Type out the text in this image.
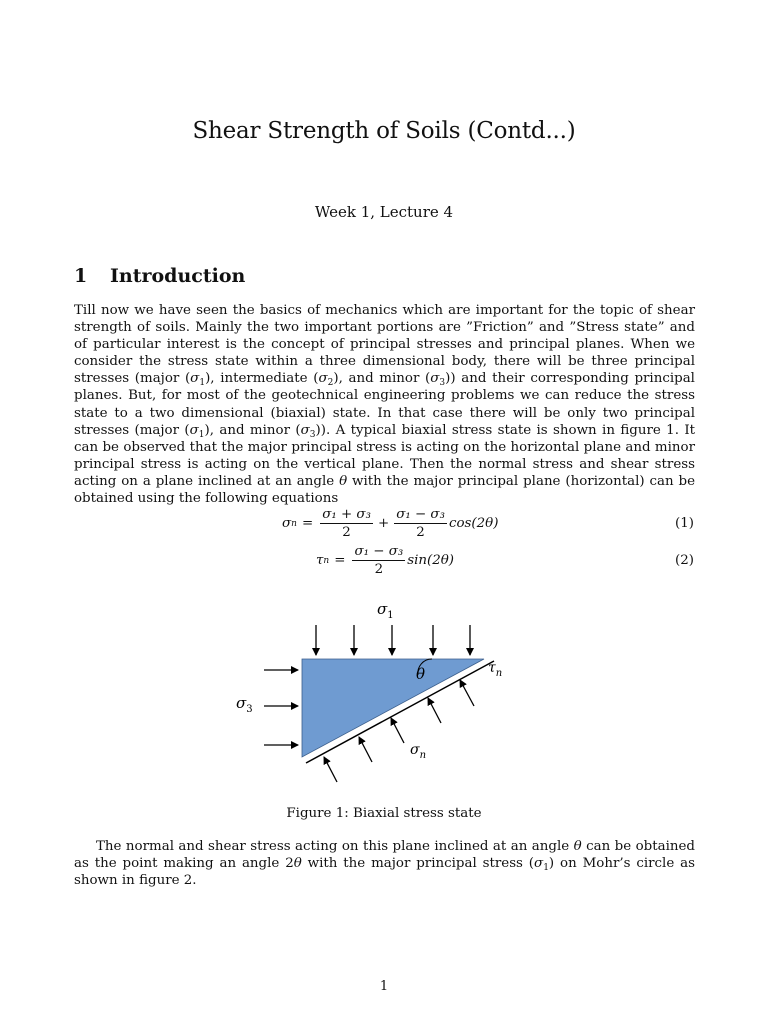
Shear Strength of Soils (Contd...)
Week 1, Lecture 4
1 Introduction

Till now we have seen the basics of mechanics which are important for the topic of shear strength of soils. Mainly the two important portions are ”Friction” and ”Stress state” and of particular interest is the concept of principal stresses and principal planes. When we consider the stress state within a three dimensional body, there will be three principal stresses (major $(\sigma_1)$, intermediate $(\sigma_2)$, and minor $(\sigma_3)$) and their corresponding principal planes. But, for most of the geotechnical engineering problems we can reduce the stress state to a two dimensional (biaxial) state. In that case there will be only two principal stresses (major $(\sigma_1)$, and minor $(\sigma_3)$). A typical biaxial stress state is shown in figure 1. It can be observed that the major principal stress is acting on the horizontal plane and minor principal stress is acting on the vertical plane. Then the normal stress and shear stress acting on a plane inclined at an angle θ with the major principal plane (horizontal) can be obtained using the following equations

σ $n = \frac{\text{σ₁ + σ₃}}{2} + \frac{\text{σ₁ − σ₃}}{2} \cos(2\theta)$	(1)
τ $n = \frac{\text{σ₁ − σ₃}}{2} \sin(2\theta)$	(2)
$\sigma_1$
θ	$\tau_n$
$\sigma_3$
$\sigma_n$
Figure 1: Biaxial stress state

The normal and shear stress acting on this plane inclined at an angle θ can be obtained as the point making an angle 2θ with the major principal stress $(\sigma_1)$ on Mohr’s circle as shown in figure 2.

1
